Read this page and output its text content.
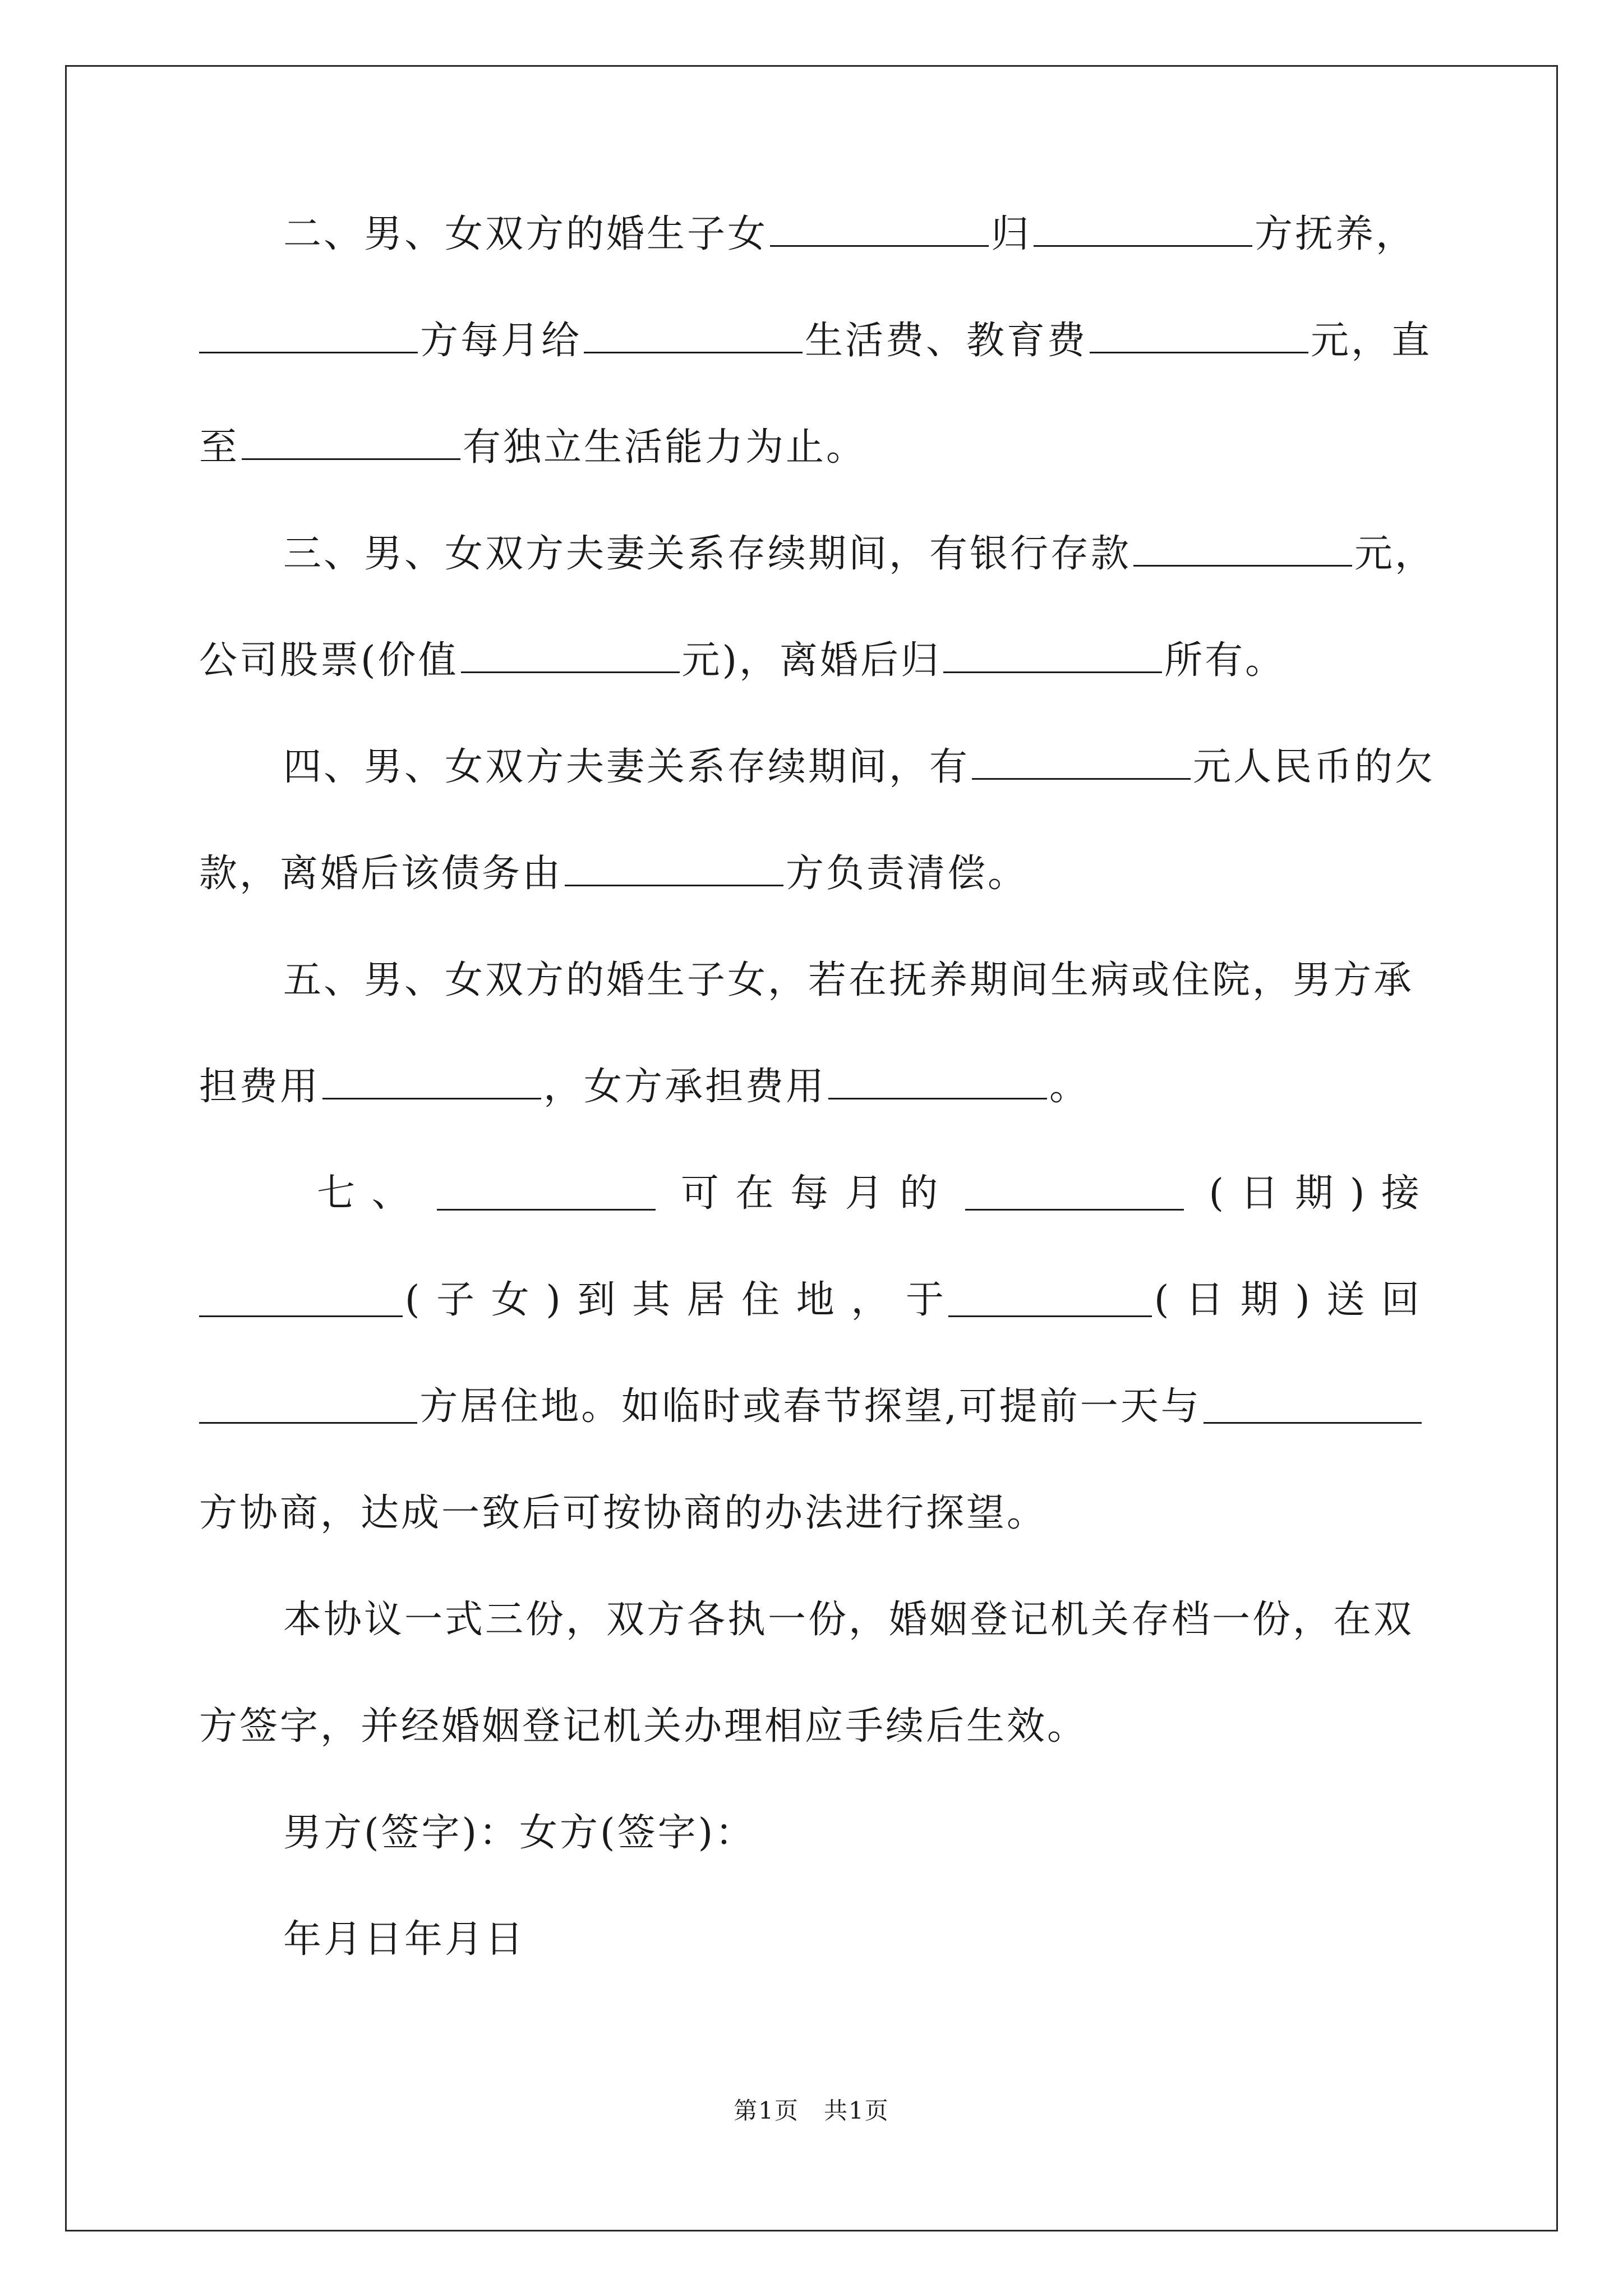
二、男、女双方的婚生子女	归	方抚养，
方每月给	生活费、教育费	元，直
至	有独立生活能力为止。
三、男、女双方夫妻关系存续期间，有银行存款	元，
公司股票(价值	元)，离婚后归	所有。
四、男、女双方夫妻关系存续期间，有	元人民币的欠
款，离婚后该债务由	方负责清偿。
五、男、女双方的婚生子女，若在抚养期间生病或住院，男方承
担费用	，女方承担费用	。
七 、	可 在 每 月 的	( 日 期 ) 接
( 子 女 ) 到 其 居 住 地 ， 于	( 日 期 ) 送 回
方居住地。如临时或春节探望,可提前一天与
方协商，达成一致后可按协商的办法进行探望。
本协议一式三份，双方各执一份，婚姻登记机关存档一份，在双
方签字，并经婚姻登记机关办理相应手续后生效。
男方(签字)：女方(签字)：
年月日年月日
第1页　共1页
